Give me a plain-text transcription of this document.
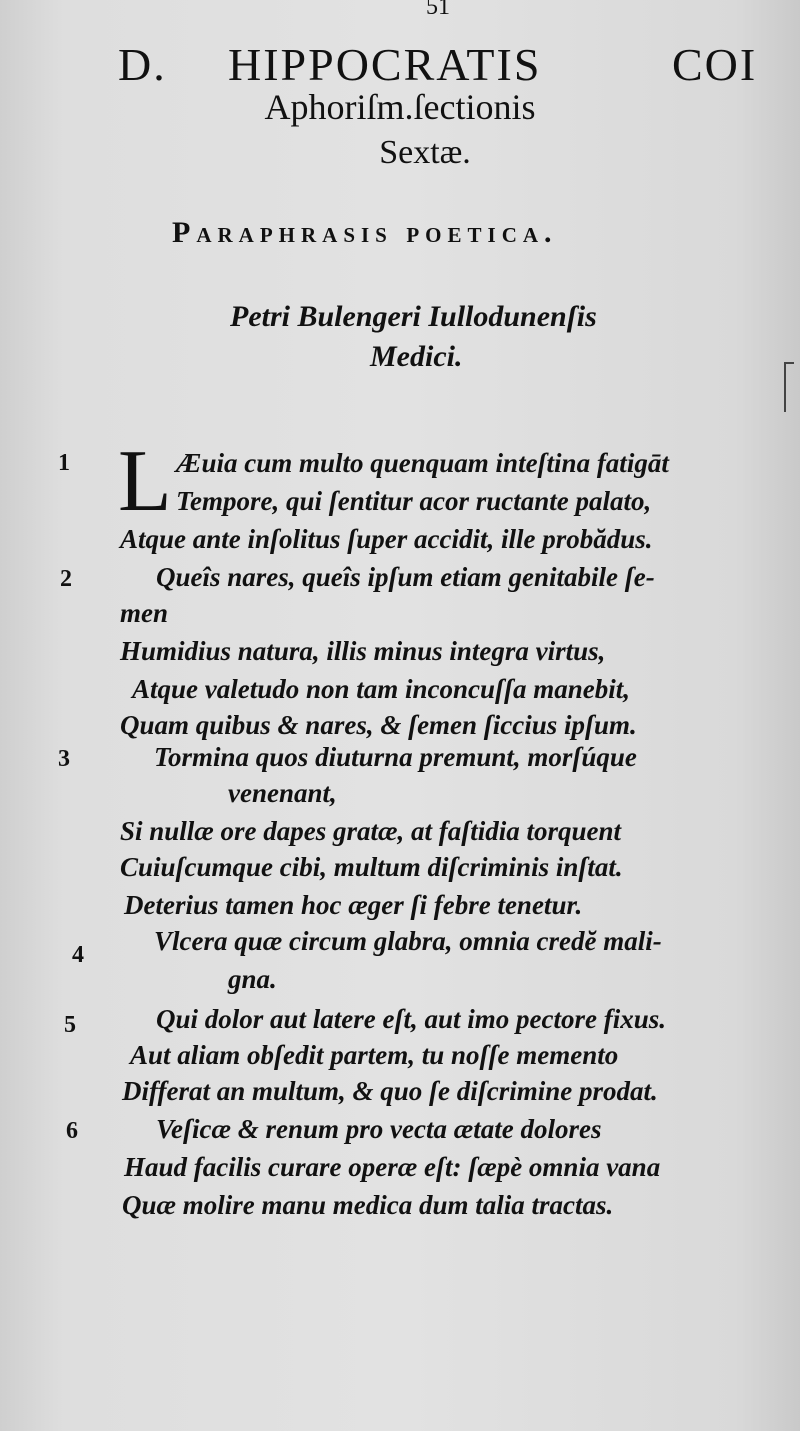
51
D. HIPPOCRATIS	COI
Aphoriſm.ſectionis
Sextæ.
Paraphrasis poetica.
Petri Bulengeri Iullodunenſis
Medici.
1 L Æuia cum multo quenquam inteſtina fatigāt
Tempore, qui ſentitur acor ructante palato,
Atque ante inſolitus ſuper accidit, ille probădus.
2	Queîs nares, queîs ipſum etiam genitabile ſe-
men
Humidius natura, illis minus integra virtus,
Atque valetudo non tam inconcuſſa manebit,
Quam quibus & nares, & ſemen ſiccius ipſum.
3	Tormina quos diuturna premunt, morſúque
venenant,
Si nullæ ore dapes gratæ, at faſtidia torquent
Cuiuſcumque cibi, multum diſcriminis inſtat.
Deterius tamen hoc æger ſi febre tenetur.
4	Vlcera quæ circum glabra, omnia credĕ mali-
gna.
5	Qui dolor aut latere eſt, aut imo pectore fixus.
Aut aliam obſedit partem, tu noſſe memento
Differat an multum, & quo ſe diſcrimine prodat.
6	Veſicæ & renum pro vecta ætate dolores
Haud facilis curare operæ eſt: ſæpè omnia vana
Quæ molire manu medica dum talia tractas.
